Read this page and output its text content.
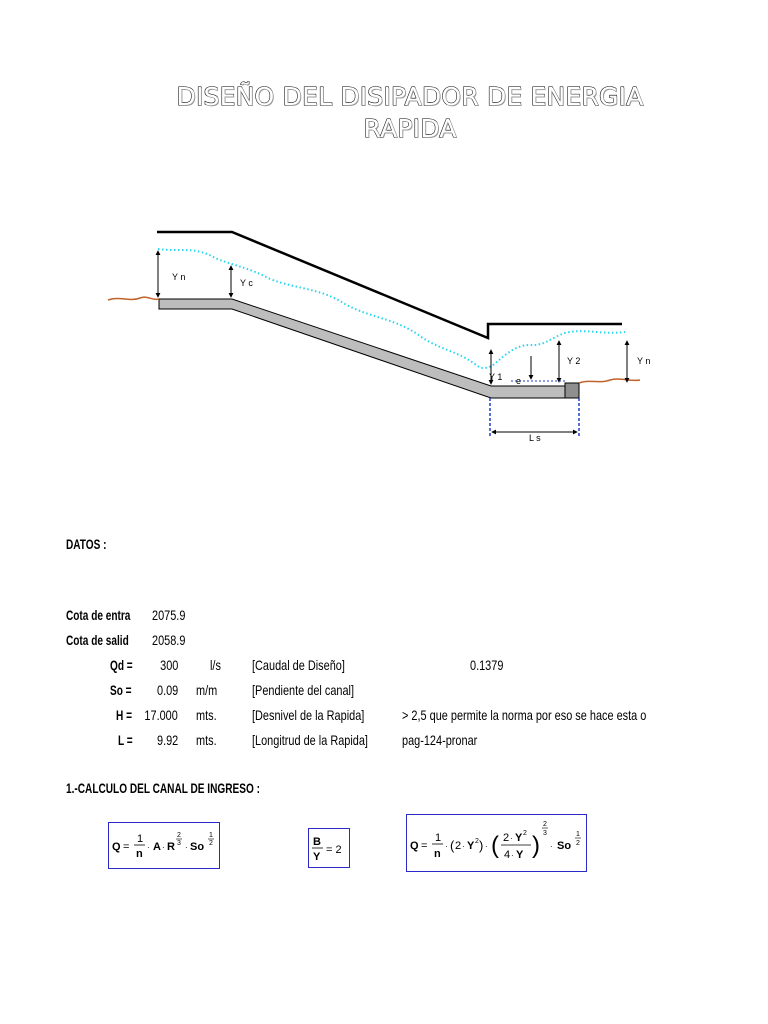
DISEÑO DEL DISIPADOR DE ENERGIA
RAPIDA
Y n
Y c
Y 1 e
Y 2	Y n
L s
DATOS :
Cota de entra 2075.9
Cota de salid 2058.9
Qd = 300 l/s [Caudal de Diseño]	0.1379
So = 0.09 m/m [Pendiente del canal]
H = 17.000 mts.	[Desnivel de la Rapida]	> 2,5 que permite la norma por eso se hace esta o
L = 9.92 mts.	[Longitrud de la Rapida] pag-124-pronar
1.-CALCULO DEL CANAL DE INGRESO :
Q =
1
n
· A · R
2
3 · So
1
2	B
Y
= 2	Q =
1
n
· ( 2 · Y 2 ) · ( 2 · Y 2
4 · Y )
2
3
· So
1
2
